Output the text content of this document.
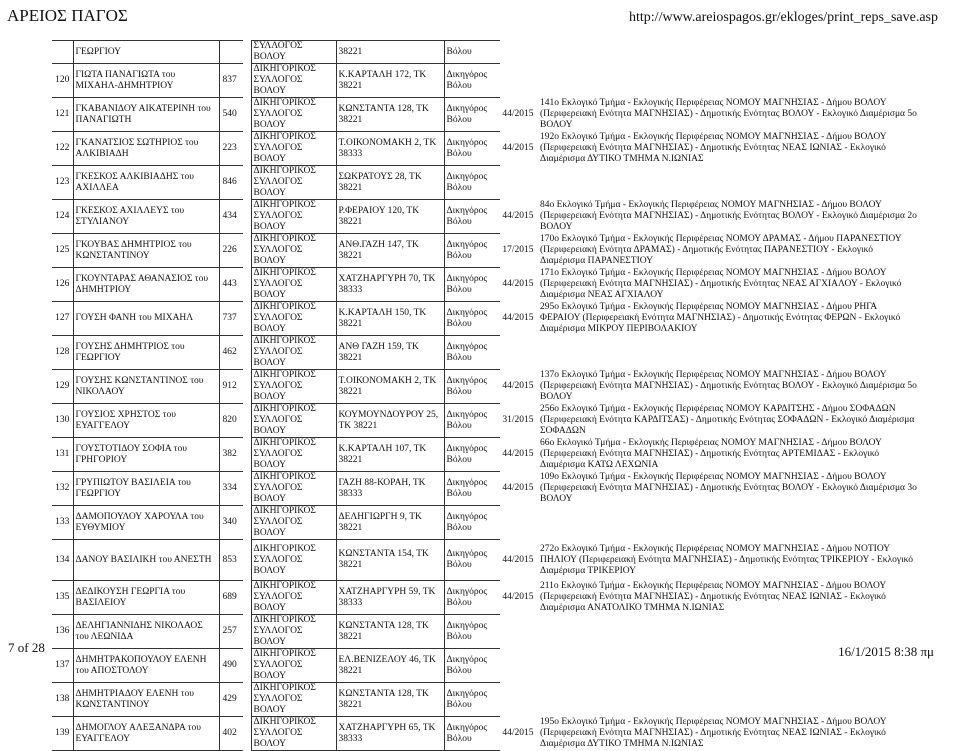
ΑΡΕΙΟΣ ΠΑΓΟΣ	http://www.areiospagos.gr/ekloges/print_reps_save.asp
	ΓΕΩΡΓΙΟΥ			ΣΥΛΛΟΓΟΣ ΒΟΛΟΥ	38221	Βόλου		
120	ΓΙΩΤΑ ΠΑΝΑΓΙΩΤΑ του ΜΙΧΑΗΛ-ΔΗΜΗΤΡΙΟΥ	837		ΔΙΚΗΓΟΡΙΚΟΣ ΣΥΛΛΟΓΟΣ ΒΟΛΟΥ	Κ.ΚΑΡΤΑΛΗ 172, ΤΚ 38221	Δικηγόρος Βόλου		
121	ΓΚΑΒΑΝΙΔΟΥ ΑΙΚΑΤΕΡΙΝΗ του ΠΑΝΑΓΙΩΤΗ	540		ΔΙΚΗΓΟΡΙΚΟΣ ΣΥΛΛΟΓΟΣ ΒΟΛΟΥ	ΚΩΝΣΤΑΝΤΑ 128, ΤΚ 38221	Δικηγόρος Βόλου	44/2015	141ο Εκλογικό Τμήμα - Εκλογικής Περιφέρειας ΝΟΜΟΥ ΜΑΓΝΗΣΙΑΣ - Δήμου ΒΟΛΟΥ (Περιφερειακή Ενότητα ΜΑΓΝΗΣΙΑΣ) - Δημοτικής Ενότητας ΒΟΛΟΥ - Εκλογικό Διαμέρισμα 5ο ΒΟΛΟΥ
122	ΓΚΑΝΑΤΣΙΟΣ ΣΩΤΗΡΙΟΣ του ΑΛΚΙΒΙΑΔΗ	223		ΔΙΚΗΓΟΡΙΚΟΣ ΣΥΛΛΟΓΟΣ ΒΟΛΟΥ	Τ.ΟΙΚΟΝΟΜΑΚΗ 2, ΤΚ 38333	Δικηγόρος Βόλου	44/2015	192ο Εκλογικό Τμήμα - Εκλογικής Περιφέρειας ΝΟΜΟΥ ΜΑΓΝΗΣΙΑΣ - Δήμου ΒΟΛΟΥ (Περιφερειακή Ενότητα ΜΑΓΝΗΣΙΑΣ) - Δημοτικής Ενότητας ΝΕΑΣ ΙΩΝΙΑΣ - Εκλογικό Διαμέρισμα ΔΥΤΙΚΟ ΤΜΗΜΑ Ν.ΙΩΝΙΑΣ
123	ΓΚΕΣΚΟΣ ΑΛΚΙΒΙΑΔΗΣ του ΑΧΙΛΛΕΑ	846		ΔΙΚΗΓΟΡΙΚΟΣ ΣΥΛΛΟΓΟΣ ΒΟΛΟΥ	ΣΩΚΡΑΤΟΥΣ 28, ΤΚ 38221	Δικηγόρος Βόλου		
124	ΓΚΕΣΚΟΣ ΑΧΙΛΛΕΥΣ του ΣΤΥΛΙΑΝΟΥ	434		ΔΙΚΗΓΟΡΙΚΟΣ ΣΥΛΛΟΓΟΣ ΒΟΛΟΥ	Ρ.ΦΕΡΑΙΟΥ 120, ΤΚ 38221	Δικηγόρος Βόλου	44/2015	84ο Εκλογικό Τμήμα - Εκλογικής Περιφέρειας ΝΟΜΟΥ ΜΑΓΝΗΣΙΑΣ - Δήμου ΒΟΛΟΥ (Περιφερειακή Ενότητα ΜΑΓΝΗΣΙΑΣ) - Δημοτικής Ενότητας ΒΟΛΟΥ - Εκλογικό Διαμέρισμα 2ο ΒΟΛΟΥ
125	ΓΚΟΥΒΑΣ ΔΗΜΗΤΡΙΟΣ του ΚΩΝΣΤΑΝΤΙΝΟΥ	226		ΔΙΚΗΓΟΡΙΚΟΣ ΣΥΛΛΟΓΟΣ ΒΟΛΟΥ	ΑΝΘ.ΓΑΖΗ 147, ΤΚ 38221	Δικηγόρος Βόλου	17/2015	170ο Εκλογικό Τμήμα - Εκλογικής Περιφέρειας ΝΟΜΟΥ ΔΡΑΜΑΣ - Δήμου ΠΑΡΑΝΕΣΤΙΟΥ (Περιφερειακή Ενότητα ΔΡΑΜΑΣ) - Δημοτικής Ενότητας ΠΑΡΑΝΕΣΤΙΟΥ - Εκλογικό Διαμέρισμα ΠΑΡΑΝΕΣΤΙΟΥ
126	ΓΚΟΥΝΤΑΡΑΣ ΑΘΑΝΑΣΙΟΣ του ΔΗΜΗΤΡΙΟΥ	443		ΔΙΚΗΓΟΡΙΚΟΣ ΣΥΛΛΟΓΟΣ ΒΟΛΟΥ	ΧΑΤΖΗΑΡΓΥΡΗ 70, ΤΚ 38333	Δικηγόρος Βόλου	44/2015	171ο Εκλογικό Τμήμα - Εκλογικής Περιφέρειας ΝΟΜΟΥ ΜΑΓΝΗΣΙΑΣ - Δήμου ΒΟΛΟΥ (Περιφερειακή Ενότητα ΜΑΓΝΗΣΙΑΣ) - Δημοτικής Ενότητας ΝΕΑΣ ΑΓΧΙΑΛΟΥ - Εκλογικό Διαμέρισμα ΝΕΑΣ ΑΓΧΙΑΛΟΥ
127	ΓΟΥΣΗ ΦΑΝΗ του ΜΙΧΑΗΛ	737		ΔΙΚΗΓΟΡΙΚΟΣ ΣΥΛΛΟΓΟΣ ΒΟΛΟΥ	Κ.ΚΑΡΤΑΛΗ 150, ΤΚ 38221	Δικηγόρος Βόλου	44/2015	295ο Εκλογικό Τμήμα - Εκλογικής Περιφέρειας ΝΟΜΟΥ ΜΑΓΝΗΣΙΑΣ - Δήμου ΡΗΓΑ ΦΕΡΑΙΟΥ (Περιφερειακή Ενότητα ΜΑΓΝΗΣΙΑΣ) - Δημοτικής Ενότητας ΦΕΡΩΝ - Εκλογικό Διαμέρισμα ΜΙΚΡΟΥ ΠΕΡΙΒΟΛΑΚΙΟΥ
128	ΓΟΥΣΗΣ ΔΗΜΗΤΡΙΟΣ του ΓΕΩΡΓΙΟΥ	462		ΔΙΚΗΓΟΡΙΚΟΣ ΣΥΛΛΟΓΟΣ ΒΟΛΟΥ	ΑΝΘ ΓΑΖΗ 159, ΤΚ 38221	Δικηγόρος Βόλου		
129	ΓΟΥΣΗΣ ΚΩΝΣΤΑΝΤΙΝΟΣ του ΝΙΚΟΛΑΟΥ	912		ΔΙΚΗΓΟΡΙΚΟΣ ΣΥΛΛΟΓΟΣ ΒΟΛΟΥ	Τ.ΟΙΚΟΝΟΜΑΚΗ 2, ΤΚ 38221	Δικηγόρος Βόλου	44/2015	137ο Εκλογικό Τμήμα - Εκλογικής Περιφέρειας ΝΟΜΟΥ ΜΑΓΝΗΣΙΑΣ - Δήμου ΒΟΛΟΥ (Περιφερειακή Ενότητα ΜΑΓΝΗΣΙΑΣ) - Δημοτικής Ενότητας ΒΟΛΟΥ - Εκλογικό Διαμέρισμα 5ο ΒΟΛΟΥ
130	ΓΟΥΣΙΟΣ ΧΡΗΣΤΟΣ του ΕΥΑΓΓΕΛΟΥ	820		ΔΙΚΗΓΟΡΙΚΟΣ ΣΥΛΛΟΓΟΣ ΒΟΛΟΥ	ΚΟΥΜΟΥΝΔΟΥΡΟΥ 25, ΤΚ 38221	Δικηγόρος Βόλου	31/2015	256ο Εκλογικό Τμήμα - Εκλογικής Περιφέρειας ΝΟΜΟΥ ΚΑΡΔΙΤΣΗΣ - Δήμου ΣΟΦΑΔΩΝ (Περιφερειακή Ενότητα ΚΑΡΔΙΤΣΑΣ) - Δημοτικής Ενότητας ΣΟΦΑΔΩΝ - Εκλογικό Διαμέρισμα ΣΟΦΑΔΩΝ
131	ΓΟΥΣΤΟΤΙΔΟΥ ΣΟΦΙΑ του ΓΡΗΓΟΡΙΟΥ	382		ΔΙΚΗΓΟΡΙΚΟΣ ΣΥΛΛΟΓΟΣ ΒΟΛΟΥ	Κ.ΚΑΡΤΑΛΗ 107, ΤΚ 38221	Δικηγόρος Βόλου	44/2015	66ο Εκλογικό Τμήμα - Εκλογικής Περιφέρειας ΝΟΜΟΥ ΜΑΓΝΗΣΙΑΣ - Δήμου ΒΟΛΟΥ (Περιφερειακή Ενότητα ΜΑΓΝΗΣΙΑΣ) - Δημοτικής Ενότητας ΑΡΤΕΜΙΔΑΣ - Εκλογικό Διαμέρισμα ΚΑΤΩ ΛΕΧΩΝΙΑ
132	ΓΡΥΠΙΩΤΟΥ ΒΑΣΙΛΕΙΑ του ΓΕΩΡΓΙΟΥ	334		ΔΙΚΗΓΟΡΙΚΟΣ ΣΥΛΛΟΓΟΣ ΒΟΛΟΥ	ΓΑΖΗ 88-ΚΟΡΑΗ, ΤΚ 38333	Δικηγόρος Βόλου	44/2015	109ο Εκλογικό Τμήμα - Εκλογικής Περιφέρειας ΝΟΜΟΥ ΜΑΓΝΗΣΙΑΣ - Δήμου ΒΟΛΟΥ (Περιφερειακή Ενότητα ΜΑΓΝΗΣΙΑΣ) - Δημοτικής Ενότητας ΒΟΛΟΥ - Εκλογικό Διαμέρισμα 3ο ΒΟΛΟΥ
133	ΔΑΜΟΠΟΥΛΟΥ ΧΑΡΟΥΛΑ του ΕΥΘΥΜΙΟΥ	340		ΔΙΚΗΓΟΡΙΚΟΣ ΣΥΛΛΟΓΟΣ ΒΟΛΟΥ	ΔΕΛΗΓΙΩΡΓΗ 9, ΤΚ 38221	Δικηγόρος Βόλου		
134	ΔΑΝΟΥ ΒΑΣΙΛΙΚΗ του ΑΝΕΣΤΗ	853		ΔΙΚΗΓΟΡΙΚΟΣ ΣΥΛΛΟΓΟΣ ΒΟΛΟΥ	ΚΩΝΣΤΑΝΤΑ 154, ΤΚ 38221	Δικηγόρος Βόλου	44/2015	272ο Εκλογικό Τμήμα - Εκλογικής Περιφέρειας ΝΟΜΟΥ ΜΑΓΝΗΣΙΑΣ - Δήμου ΝΟΤΙΟΥ ΠΗΛΙΟΥ (Περιφερειακή Ενότητα ΜΑΓΝΗΣΙΑΣ) - Δημοτικής Ενότητας ΤΡΙΚΕΡΙΟΥ - Εκλογικό Διαμέρισμα ΤΡΙΚΕΡΙΟΥ
135	ΔΕΔΙΚΟΥΣΗ ΓΕΩΡΓΙΑ του ΒΑΣΙΛΕΙΟΥ	689		ΔΙΚΗΓΟΡΙΚΟΣ ΣΥΛΛΟΓΟΣ ΒΟΛΟΥ	ΧΑΤΖΗΑΡΓΥΡΗ 59, ΤΚ 38333	Δικηγόρος Βόλου	44/2015	211ο Εκλογικό Τμήμα - Εκλογικής Περιφέρειας ΝΟΜΟΥ ΜΑΓΝΗΣΙΑΣ - Δήμου ΒΟΛΟΥ (Περιφερειακή Ενότητα ΜΑΓΝΗΣΙΑΣ) - Δημοτικής Ενότητας ΝΕΑΣ ΙΩΝΙΑΣ - Εκλογικό Διαμέρισμα ΑΝΑΤΟΛΙΚΟ ΤΜΗΜΑ Ν.ΙΩΝΙΑΣ
136	ΔΕΛΗΓΙΑΝΝΙΔΗΣ ΝΙΚΟΛΑΟΣ του ΛΕΩΝΙΔΑ	257		ΔΙΚΗΓΟΡΙΚΟΣ ΣΥΛΛΟΓΟΣ ΒΟΛΟΥ	ΚΩΝΣΤΑΝΤΑ 128, ΤΚ 38221	Δικηγόρος Βόλου		
137	ΔΗΜΗΤΡΑΚΟΠΟΥΛΟΥ ΕΛΕΝΗ του ΑΠΟΣΤΟΛΟΥ	490		ΔΙΚΗΓΟΡΙΚΟΣ ΣΥΛΛΟΓΟΣ ΒΟΛΟΥ	ΕΛ.ΒΕΝΙΖΕΛΟΥ 46, ΤΚ 38221	Δικηγόρος Βόλου		
138	ΔΗΜΗΤΡΙΑΔΟΥ ΕΛΕΝΗ του ΚΩΝΣΤΑΝΤΙΝΟΥ	429		ΔΙΚΗΓΟΡΙΚΟΣ ΣΥΛΛΟΓΟΣ ΒΟΛΟΥ	ΚΩΝΣΤΑΝΤΑ 128, ΤΚ 38221	Δικηγόρος Βόλου		
139	ΔΗΜΟΓΛΟΥ ΑΛΕΞΑΝΔΡΑ του ΕΥΑΓΓΕΛΟΥ	402		ΔΙΚΗΓΟΡΙΚΟΣ ΣΥΛΛΟΓΟΣ ΒΟΛΟΥ	ΧΑΤΖΗΑΡΓΥΡΗ 65, ΤΚ 38333	Δικηγόρος Βόλου	44/2015	195ο Εκλογικό Τμήμα - Εκλογικής Περιφέρειας ΝΟΜΟΥ ΜΑΓΝΗΣΙΑΣ - Δήμου ΒΟΛΟΥ (Περιφερειακή Ενότητα ΜΑΓΝΗΣΙΑΣ) - Δημοτικής Ενότητας ΝΕΑΣ ΙΩΝΙΑΣ - Εκλογικό Διαμέρισμα ΔΥΤΙΚΟ ΤΜΗΜΑ Ν.ΙΩΝΙΑΣ
7 of 28	16/1/2015 8:38 πμ
